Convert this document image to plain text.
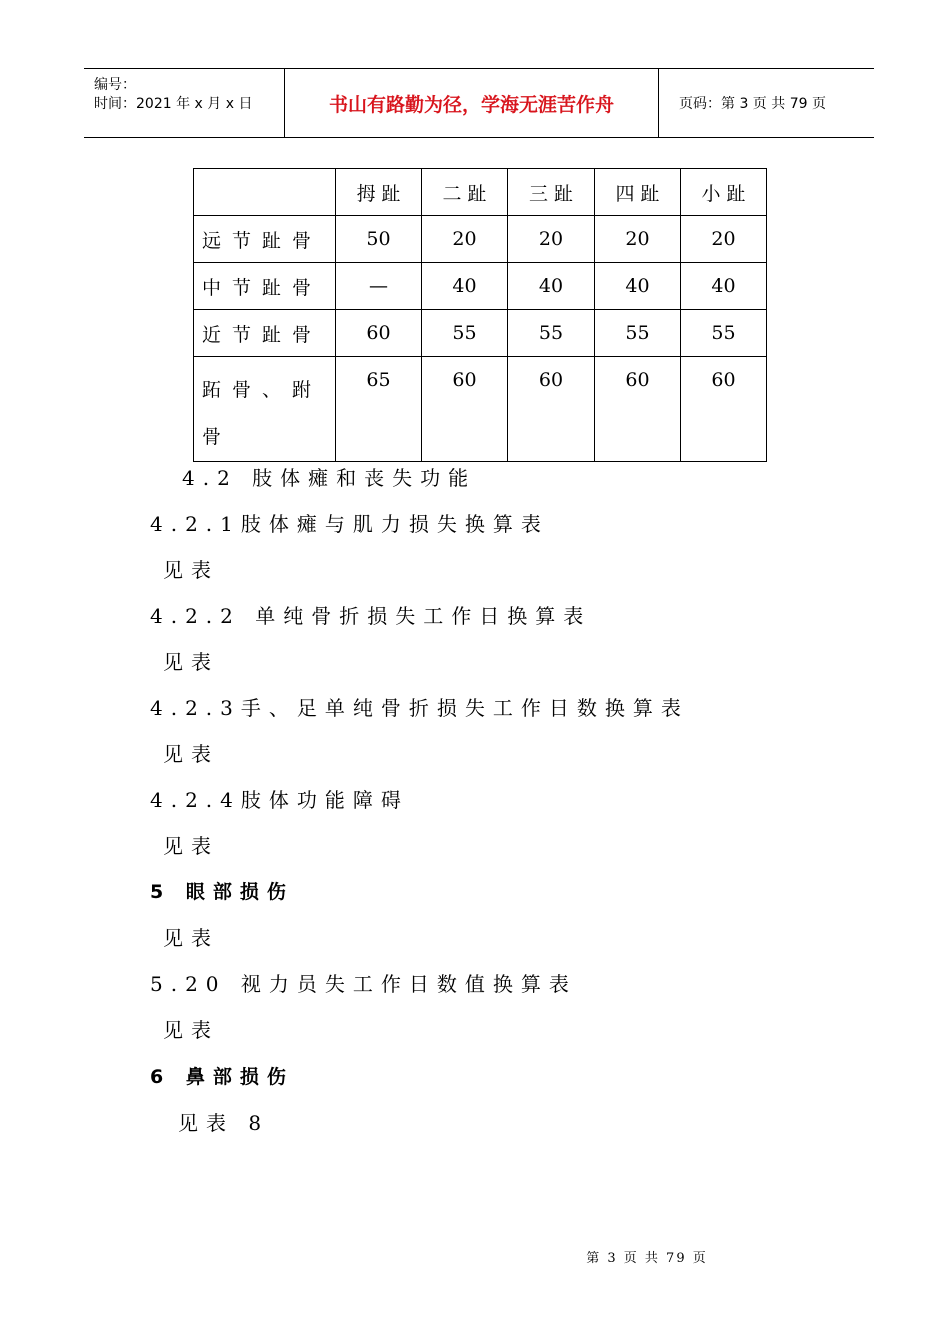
编号：
时间：2021 年 x 月 x 日	书山有路勤为径，学海无涯苦作舟	页码：第 3 页 共 79 页
	拇 趾	二 趾	三 趾	四 趾	小 趾
远节趾骨	50	20	20	20	20
中节趾骨	—	40	40	40	40
近节趾骨	60	55	55	55	55
跖骨、跗骨	65	60	60	60	60
4.2 肢体瘫和丧失功能
4.2.1肢体瘫与肌力损失换算表
见表
4.2.2 单纯骨折损失工作日换算表
见表
4.2.3手、足单纯骨折损失工作日数换算表
见表
4.2.4肢体功能障碍
见表
5 眼部损伤
见表
5.20 视力员失工作日数值换算表
见表
6 鼻部损伤
见表 8
第 3 页 共 79 页
